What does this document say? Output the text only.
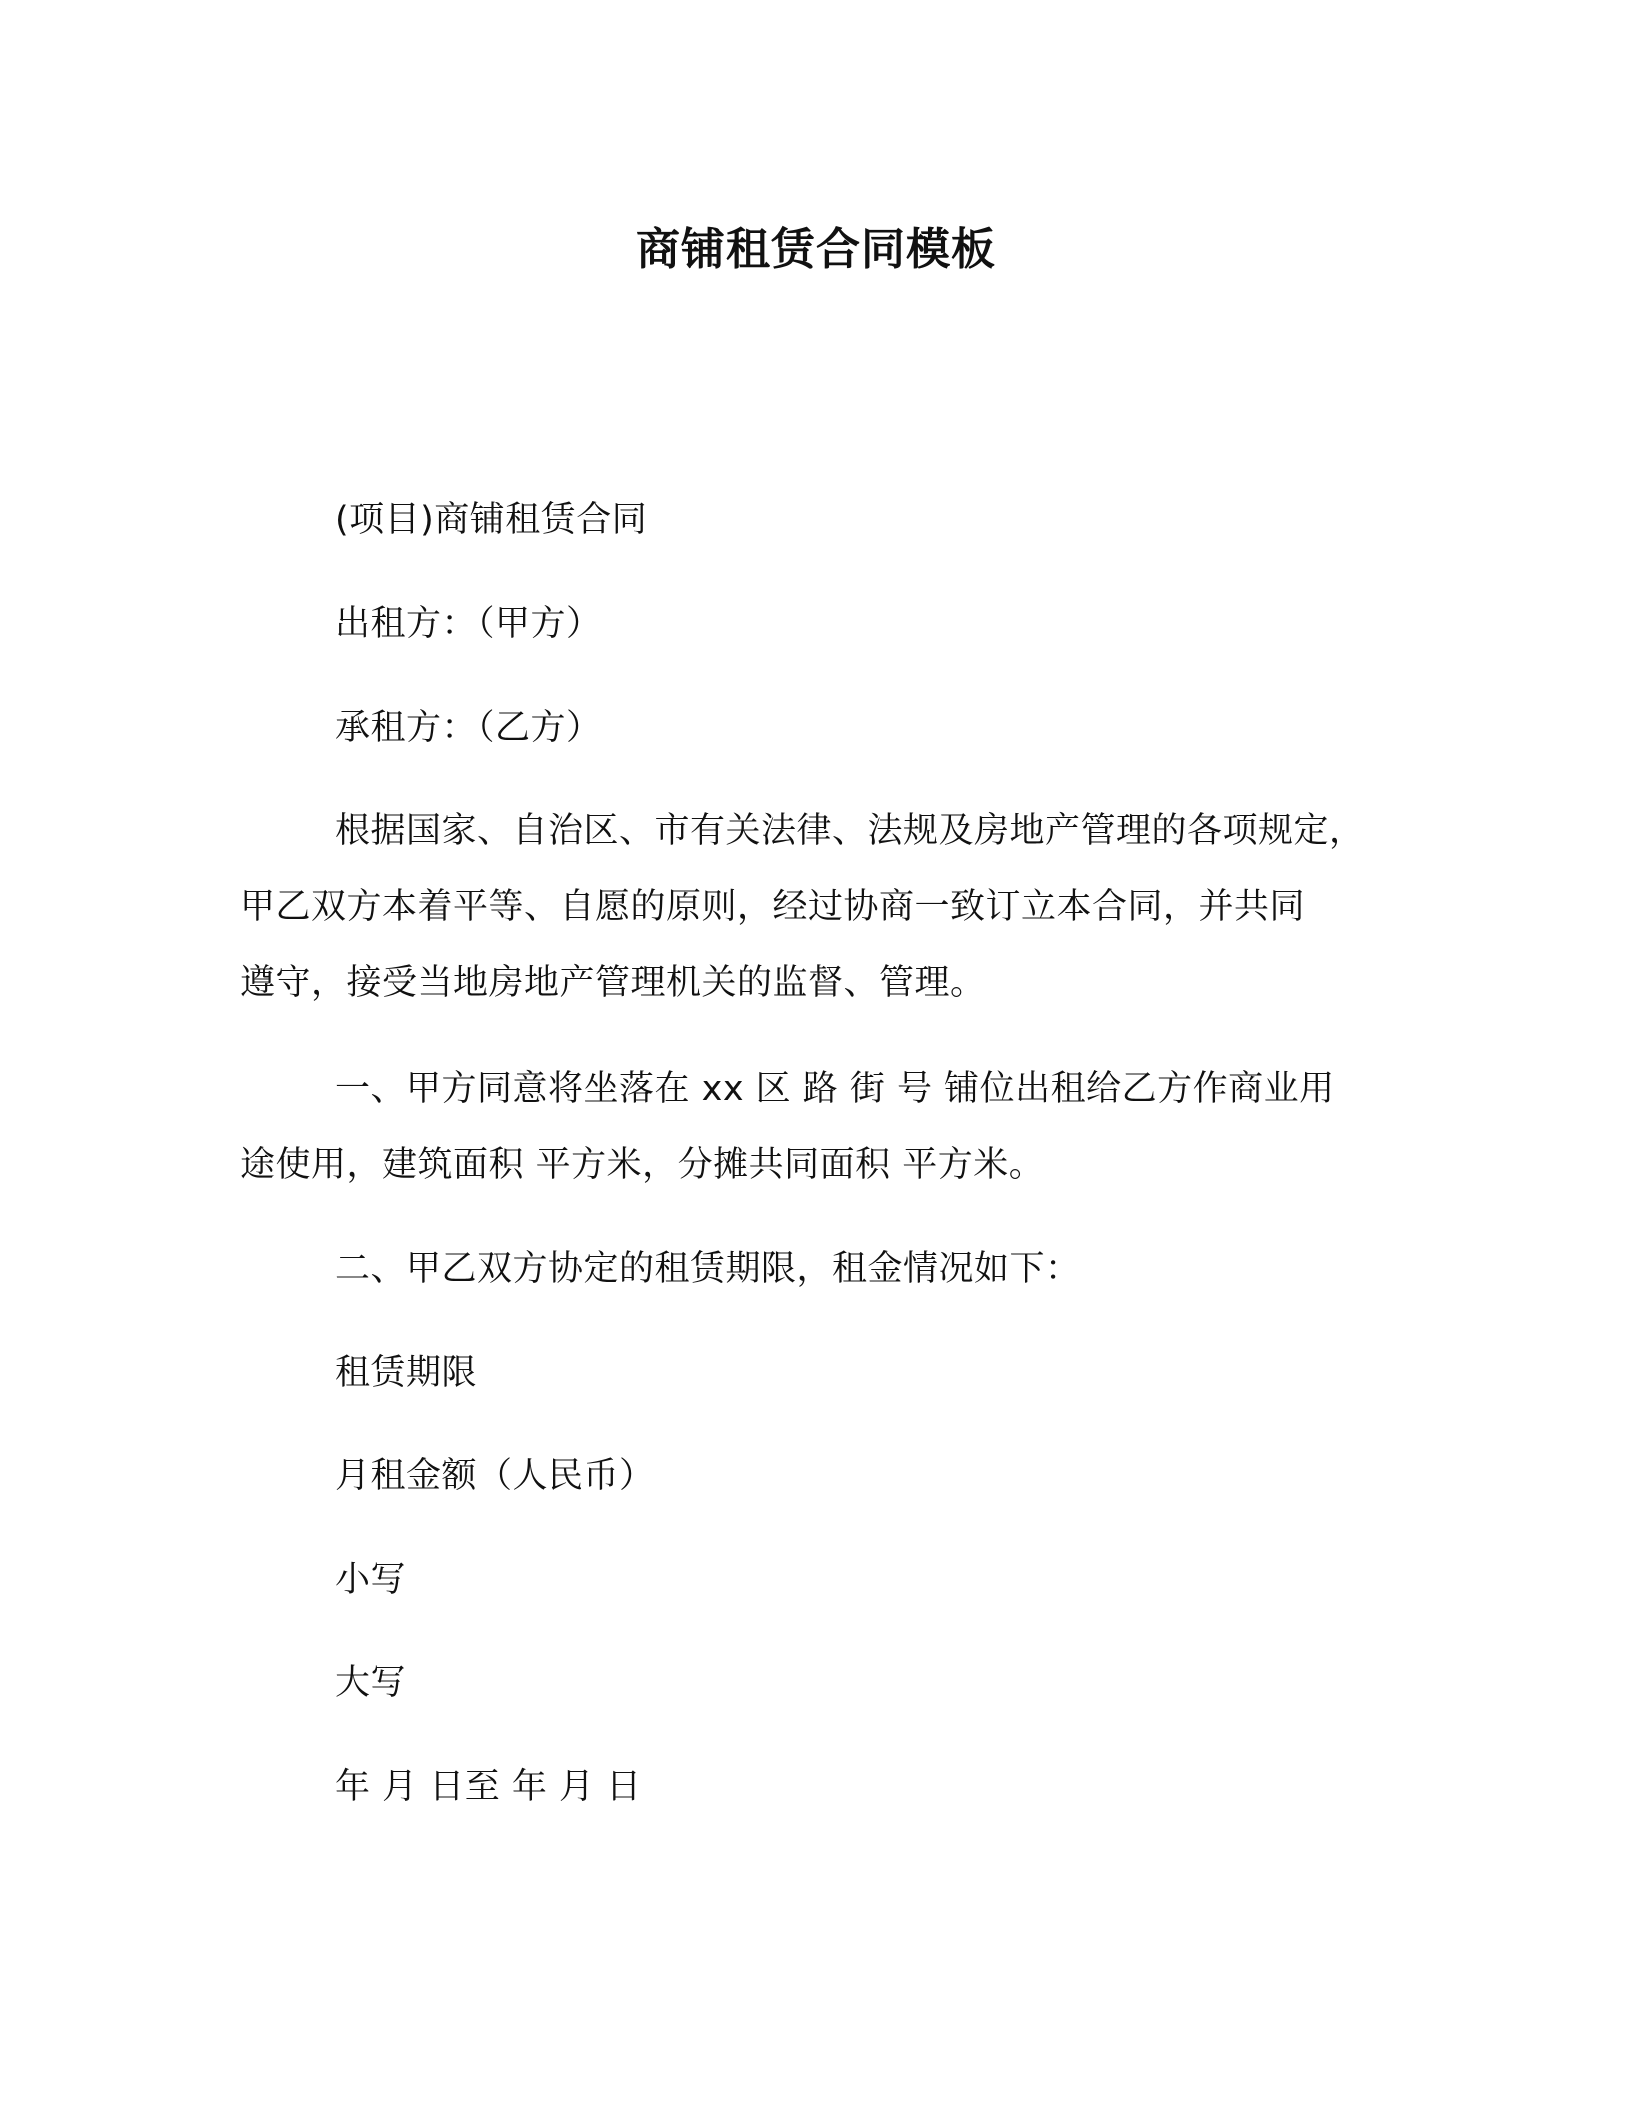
商铺租赁合同模板
(项目)商铺租赁合同
出租方：（甲方）
承租方：（乙方）
根据国家、自治区、市有关法律、法规及房地产管理的各项规定，
甲乙双方本着平等、自愿的原则，经过协商一致订立本合同，并共同
遵守，接受当地房地产管理机关的监督、管理。
一、甲方同意将坐落在 xx 区 路 街 号 铺位出租给乙方作商业用
途使用，建筑面积 平方米，分摊共同面积 平方米。
二、甲乙双方协定的租赁期限，租金情况如下：
租赁期限
月租金额（人民币）
小写
大写
年 月 日至 年 月 日
